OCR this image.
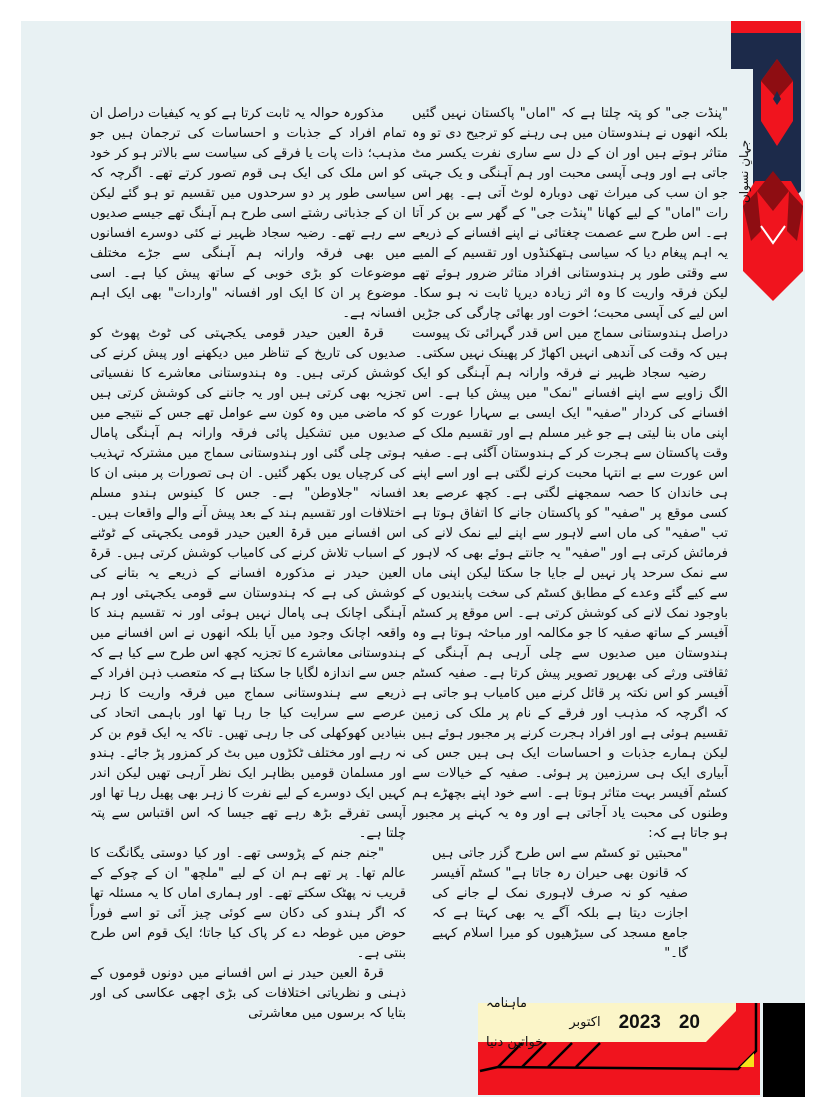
جہانِ نسواں

"پنڈت جی" کو پتہ چلتا ہے کہ "اماں" پاکستان نہیں گئیں بلکہ انھوں نے ہندوستان میں ہی رہنے کو ترجیح دی تو وہ متاثر ہوتے ہیں اور ان کے دل سے ساری نفرت یکسر مٹ جاتی ہے اور وہی آپسی محبت اور ہم آہنگی و یک جہتی جو ان سب کی میراث تھی دوبارہ لوٹ آتی ہے۔ پھر اس رات "اماں" کے لیے کھانا "پنڈت جی" کے گھر سے بن کر آتا ہے۔ اس طرح سے عصمت چغتائی نے اپنے افسانے کے ذریعے یہ اہم پیغام دیا کہ سیاسی ہتھکنڈوں اور تقسیم کے المیے سے وقتی طور پر ہندوستانی افراد متاثر ضرور ہوئے تھے لیکن فرقہ واریت کا وہ اثر زیادہ دیرپا ثابت نہ ہو سکا۔ اس لیے کی آپسی محبت؛ اخوت اور بھائی چارگی کی جڑیں دراصل ہندوستانی سماج میں اس قدر گہرائی تک پیوست ہیں کہ وقت کی آندھی انہیں اکھاڑ کر پھینک نہیں سکتی۔

رضیہ سجاد ظہیر نے فرقہ وارانہ ہم آہنگی کو ایک الگ زاویے سے اپنے افسانے "نمک" میں پیش کیا ہے۔ اس افسانے کی کردار "صفیہ" ایک ایسی بے سہارا عورت کو اپنی ماں بنا لیتی ہے جو غیر مسلم ہے اور تقسیم ملک کے وقت پاکستان سے ہجرت کر کے ہندوستان آگئی ہے۔ صفیہ اس عورت سے بے انتہا محبت کرنے لگتی ہے اور اسے اپنے ہی خاندان کا حصہ سمجھنے لگتی ہے۔ کچھ عرصے بعد کسی موقع پر "صفیہ" کو پاکستان جانے کا اتفاق ہوتا ہے تب "صفیہ" کی ماں اسے لاہور سے اپنے لیے نمک لانے کی فرمائش کرتی ہے اور "صفیہ" یہ جانتے ہوئے بھی کہ لاہور سے نمک سرحد پار نہیں لے جایا جا سکتا لیکن اپنی ماں سے کیے گئے وعدے کے مطابق کسٹم کی سخت پابندیوں کے باوجود نمک لانے کی کوشش کرتی ہے۔ اس موقع پر کسٹم آفیسر کے ساتھ صفیہ کا جو مکالمہ اور مباحثہ ہوتا ہے وہ ہندوستان میں صدیوں سے چلی آرہی ہم آہنگی کے ثقافتی ورثے کی بھرپور تصویر پیش کرتا ہے۔ صفیہ کسٹم آفیسر کو اس نکتہ پر قائل کرنے میں کامیاب ہو جاتی ہے کہ اگرچہ کہ مذہب اور فرقے کے نام پر ملک کی زمین تقسیم ہوئی ہے اور افراد ہجرت کرنے پر مجبور ہوئے ہیں لیکن ہمارے جذبات و احساسات ایک ہی ہیں جس کی آبیاری ایک ہی سرزمین پر ہوئی۔ صفیہ کے خیالات سے کسٹم آفیسر بہت متاثر ہوتا ہے۔ اسے خود اپنے بچھڑے ہم وطنوں کی محبت یاد آجاتی ہے اور وہ یہ کہنے پر مجبور ہو جاتا ہے کہ:

"محبتیں تو کسٹم سے اس طرح گزر جاتی ہیں کہ قانون بھی حیران رہ جاتا ہے" کسٹم آفیسر صفیہ کو نہ صرف لاہوری نمک لے جانے کی اجازت دیتا ہے بلکہ آگے یہ بھی کہتا ہے کہ جامع مسجد کی سیڑھیوں کو میرا اسلام کہیے گا۔"

مذکورہ حوالہ یہ ثابت کرتا ہے کو یہ کیفیات دراصل ان تمام افراد کے جذبات و احساسات کی ترجمان ہیں جو مذہب؛ ذات پات یا فرقے کی سیاست سے بالاتر ہو کر خود کو اس ملک کی ایک ہی قوم تصور کرتے تھے۔ اگرچہ کہ سیاسی طور پر دو سرحدوں میں تقسیم تو ہو گئے لیکن ان کے جذباتی رشتے اسی طرح ہم آہنگ تھے جیسے صدیوں سے رہے تھے۔ رضیہ سجاد ظہیر نے کئی دوسرے افسانوں میں بھی فرقہ وارانہ ہم آہنگی سے جڑے مختلف موضوعات کو بڑی خوبی کے ساتھ پیش کیا ہے۔ اسی موضوع پر ان کا ایک اور افسانہ "واردات" بھی ایک اہم افسانہ ہے۔

قرۃ العین حیدر قومی یکجہتی کی ٹوٹ پھوٹ کو صدیوں کی تاریخ کے تناظر میں دیکھنے اور پیش کرنے کی کوشش کرتی ہیں۔ وہ ہندوستانی معاشرے کا نفسیاتی تجزیہ بھی کرتی ہیں اور یہ جاننے کی کوشش کرتی ہیں کہ ماضی میں وہ کون سے عوامل تھے جس کے نتیجے میں صدیوں میں تشکیل پائی فرقہ وارانہ ہم آہنگی پامال ہوتی چلی گئی اور ہندوستانی سماج میں مشترکہ تہذیب کی کرچیاں یوں بکھر گئیں۔ ان ہی تصورات پر مبنی ان کا افسانہ "جلاوطن" ہے۔ جس کا کینوس ہندو مسلم اختلافات اور تقسیم ہند کے بعد پیش آنے والے واقعات ہیں۔ اس افسانے میں قرۃ العین حیدر قومی یکجہتی کے ٹوٹنے کے اسباب تلاش کرنے کی کامیاب کوشش کرتی ہیں۔ قرۃ العین حیدر نے مذکورہ افسانے کے ذریعے یہ بتانے کی کوشش کی ہے کہ ہندوستان سے قومی یکجہتی اور ہم آہنگی اچانک ہی پامال نہیں ہوئی اور نہ تقسیم ہند کا واقعہ اچانک وجود میں آیا بلکہ انھوں نے اس افسانے میں ہندوستانی معاشرے کا تجزیہ کچھ اس طرح سے کیا ہے کہ جس سے اندازہ لگایا جا سکتا ہے کہ متعصب ذہن افراد کے ذریعے سے ہندوستانی سماج میں فرقہ واریت کا زہر عرصے سے سرایت کیا جا رہا تھا اور باہمی اتحاد کی بنیادیں کھوکھلی کی جا رہی تھیں۔ تاکہ یہ ایک قوم بن کر نہ رہے اور مختلف ٹکڑوں میں بٹ کر کمزور پڑ جائے۔ ہندو اور مسلمان قومیں بظاہر ایک نظر آرہی تھیں لیکن اندر کہیں ایک دوسرے کے لیے نفرت کا زہر بھی پھیل رہا تھا اور آپسی تفرقے بڑھ رہے تھے جیسا کہ اس اقتباس سے پتہ چلتا ہے۔

"جنم جنم کے پڑوسی تھے۔ اور کیا دوستی یگانگت کا عالم تھا۔ پر تھے ہم ان کے لیے "ملچھ" ان کے چوکے کے قریب نہ پھٹک سکتے تھے۔ اور ہماری اماں کا یہ مسئلہ تھا کہ اگر ہندو کی دکان سے کوئی چیز آئی تو اسے فوراً حوض میں غوطہ دے کر پاک کیا جاتا؛ ایک قوم اس طرح بنتی ہے۔

قرۃ العین حیدر نے اس افسانے میں دونوں قوموں کے ذہنی و نظریاتی اختلافات کی بڑی اچھی عکاسی کی اور بتایا کہ برسوں میں معاشرتی	20
2023
اکتوبر
ماہنامہ خواتین دنیا
